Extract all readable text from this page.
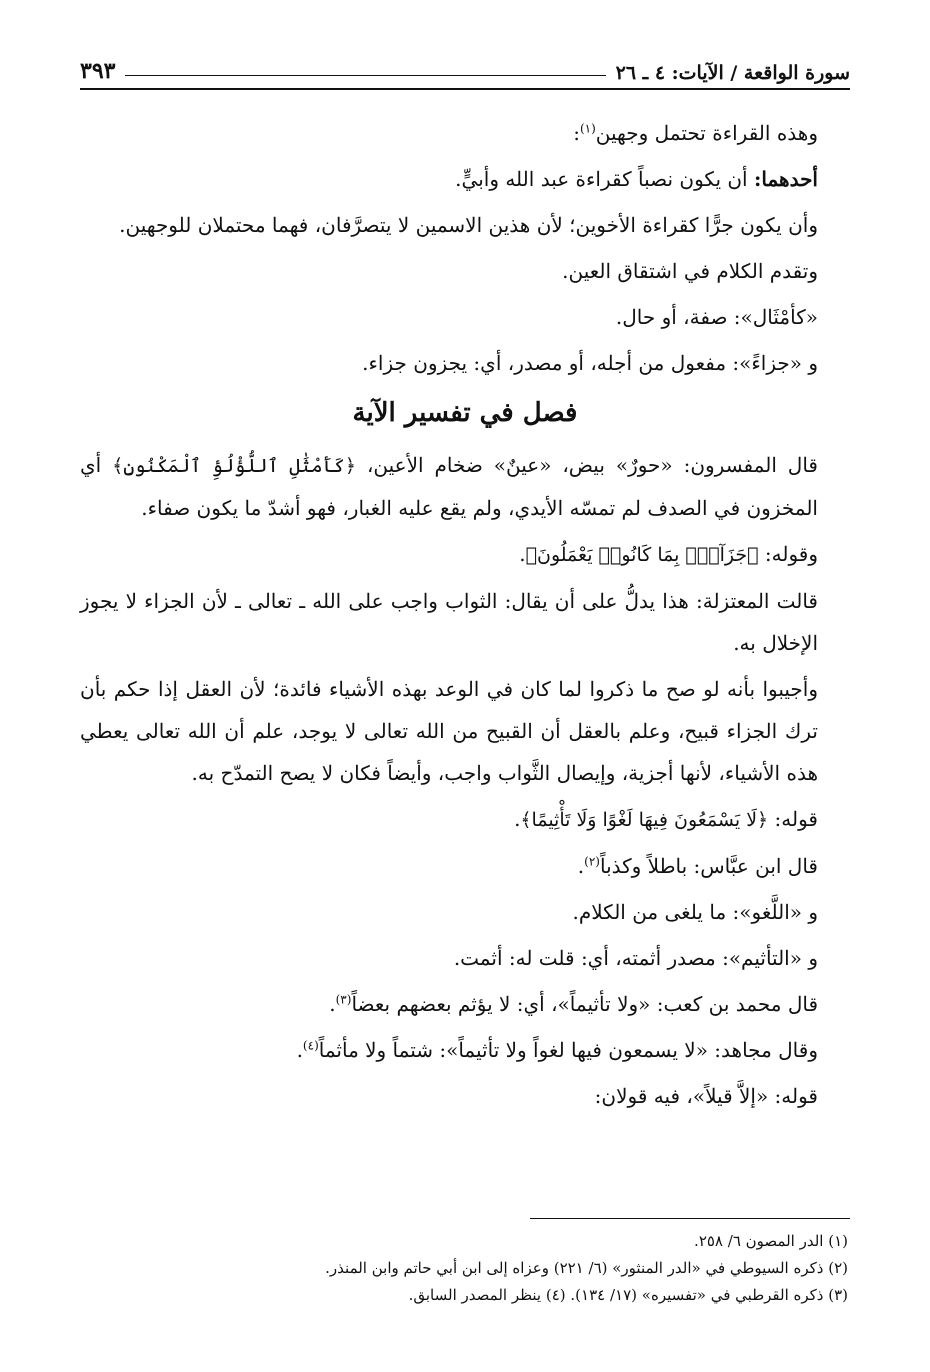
سورة الواقعة / الآيات: ٤ ـ ٢٦
٣٩٣
وهذه القراءة تحتمل وجهين$^{(١)}$:
أحدهما: أن يكون نصباً كقراءة عبد الله وأبيٍّ.
وأن يكون جرًّا كقراءة الأخوين؛ لأن هذين الاسمين لا يتصرَّفان، فهما محتملان للوجهين.
وتقدم الكلام في اشتقاق العين.
«كأمْثَال»: صفة، أو حال.
و «جزاءً»: مفعول من أجله، أو مصدر، أي: يجزون جزاء.
فصل في تفسير الآية
قال المفسرون: «حورٌ» بيض، «عينٌ» ضخام الأعين، ﴿كَأَمْثَٰلِ ٱللُّؤْلُؤِ ٱلْمَكْنُونِ﴾ أي المخزون في الصدف لم تمسّه الأيدي، ولم يقع عليه الغبار، فهو أشدّ ما يكون صفاء.
وقوله: ﴿جَزَآءًۢ بِمَا كَانُوا۟ يَعْمَلُونَ﴾.
قالت المعتزلة: هذا يدلُّ على أن يقال: الثواب واجب على الله ـ تعالى ـ لأن الجزاء لا يجوز الإخلال به.
وأجيبوا بأنه لو صح ما ذكروا لما كان في الوعد بهذه الأشياء فائدة؛ لأن العقل إذا حكم بأن ترك الجزاء قبيح، وعلم بالعقل أن القبيح من الله تعالى لا يوجد، علم أن الله تعالى يعطي هذه الأشياء، لأنها أجزية، وإيصال الثَّواب واجب، وأيضاً فكان لا يصح التمدّح به.
قوله: ﴿لَا يَسْمَعُونَ فِيهَا لَغْوًا وَلَا تَأْثِيمًا﴾.
قال ابن عبَّاس: باطلاً وكذباً$^{(٢)}$.
و «اللَّغو»: ما يلغى من الكلام.
و «التأثيم»: مصدر أثمته، أي: قلت له: أثمت.
قال محمد بن كعب: «ولا تأثيماً»، أي: لا يؤثم بعضهم بعضاً$^{(٣)}$.
وقال مجاهد: «لا يسمعون فيها لغواً ولا تأثيماً»: شتماً ولا مأثماً$^{(٤)}$.
قوله: «إلاَّ قيلاً»، فيه قولان:
(١) الدر المصون ٦/ ٢٥٨.
(٢) ذكره السيوطي في «الدر المنثور» (٦/ ٢٢١) وعزاه إلى ابن أبي حاتم وابن المنذر.
(٣) ذكره القرطبي في «تفسيره» (١٧/ ١٣٤). (٤) ينظر المصدر السابق.
